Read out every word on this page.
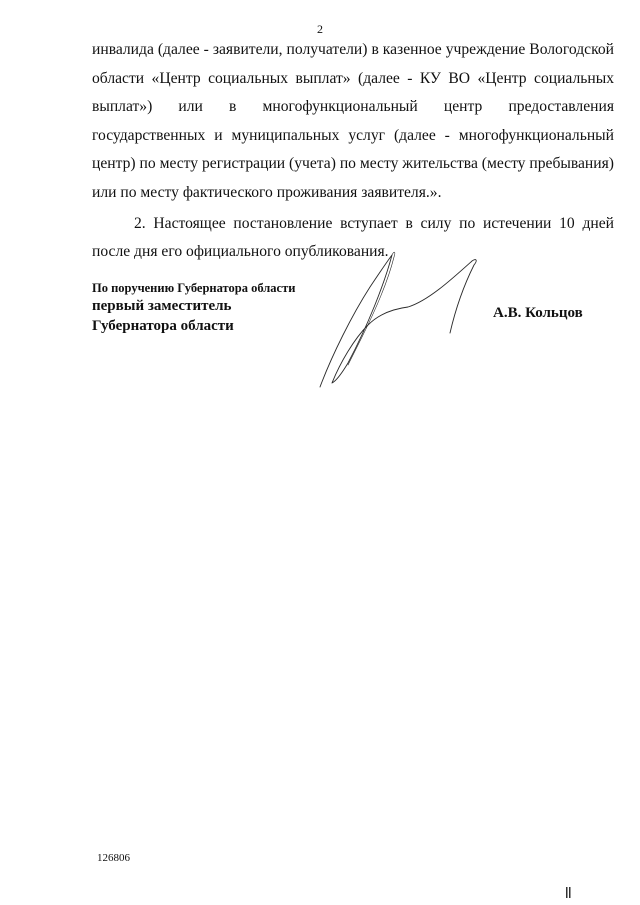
2

инвалида (далее - заявители, получатели) в казенное учреждение Вологодской области «Центр социальных выплат» (далее - КУ ВО «Центр социальных выплат») или в многофункциональный центр предоставления государственных и муниципальных услуг (далее - многофункциональный центр) по месту регистрации (учета) по месту жительства (месту пребывания) или по месту фактического проживания заявителя.».

2. Настоящее постановление вступает в силу по истечении 10 дней после дня его официального опубликования.

По поручению Губернатора области
первый заместитель
Губернатора области
А.В. Кольцов
126806
